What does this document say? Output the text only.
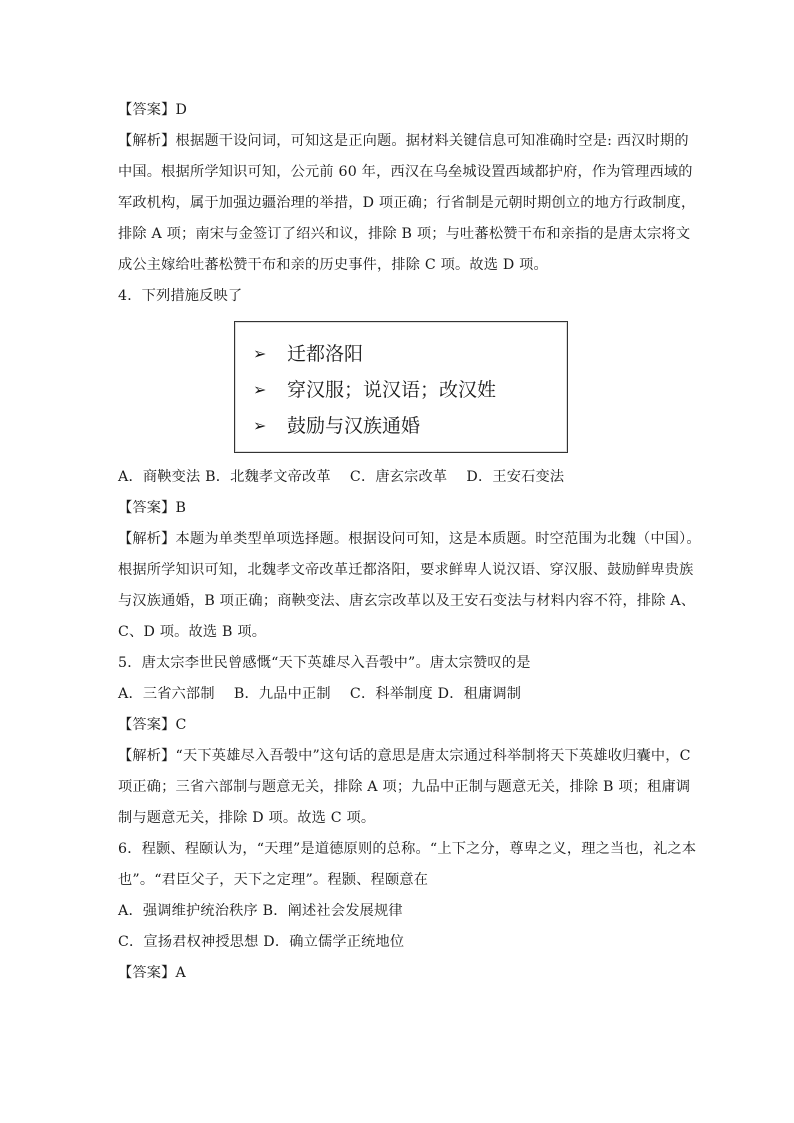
【答案】D
【解析】根据题干设问词，可知这是正向题。据材料关键信息可知准确时空是: 西汉时期的
中国。根据所学知识可知，公元前 60 年，西汉在乌垒城设置西域都护府，作为管理西域的
军政机构，属于加强边疆治理的举措，D 项正确；行省制是元朝时期创立的地方行政制度，
排除 A 项；南宋与金签订了绍兴和议，排除 B 项；与吐蕃松赞干布和亲指的是唐太宗将文
成公主嫁给吐蕃松赞干布和亲的历史事件，排除 C 项。故选 D 项。
4．下列措施反映了
➢ 迁都洛阳
➢ 穿汉服；说汉语；改汉姓
➢ 鼓励与汉族通婚
A．商鞅变法 B．北魏孝文帝改革　 C．唐玄宗改革　 D．王安石变法
【答案】B
【解析】本题为单类型单项选择题。根据设问可知，这是本质题。时空范围为北魏（中国）。
根据所学知识可知，北魏孝文帝改革迁都洛阳，要求鲜卑人说汉语、穿汉服、鼓励鲜卑贵族
与汉族通婚，B 项正确；商鞅变法、唐玄宗改革以及王安石变法与材料内容不符，排除 A、
C、D 项。故选 B 项。
5．唐太宗李世民曾感慨“天下英雄尽入吾彀中”。唐太宗赞叹的是
A．三省六部制　 B．九品中正制　 C．科举制度 D．租庸调制
【答案】C
【解析】“天下英雄尽入吾彀中”这句话的意思是唐太宗通过科举制将天下英雄收归囊中，C
项正确；三省六部制与题意无关，排除 A 项；九品中正制与题意无关，排除 B 项；租庸调
制与题意无关，排除 D 项。故选 C 项。
6．程颢、程颐认为，“天理”是道德原则的总称。“上下之分，尊卑之义，理之当也，礼之本
也”。“君臣父子，天下之定理”。程颢、程颐意在
A．强调维护统治秩序 B．阐述社会发展规律
C．宣扬君权神授思想 D．确立儒学正统地位
【答案】A
